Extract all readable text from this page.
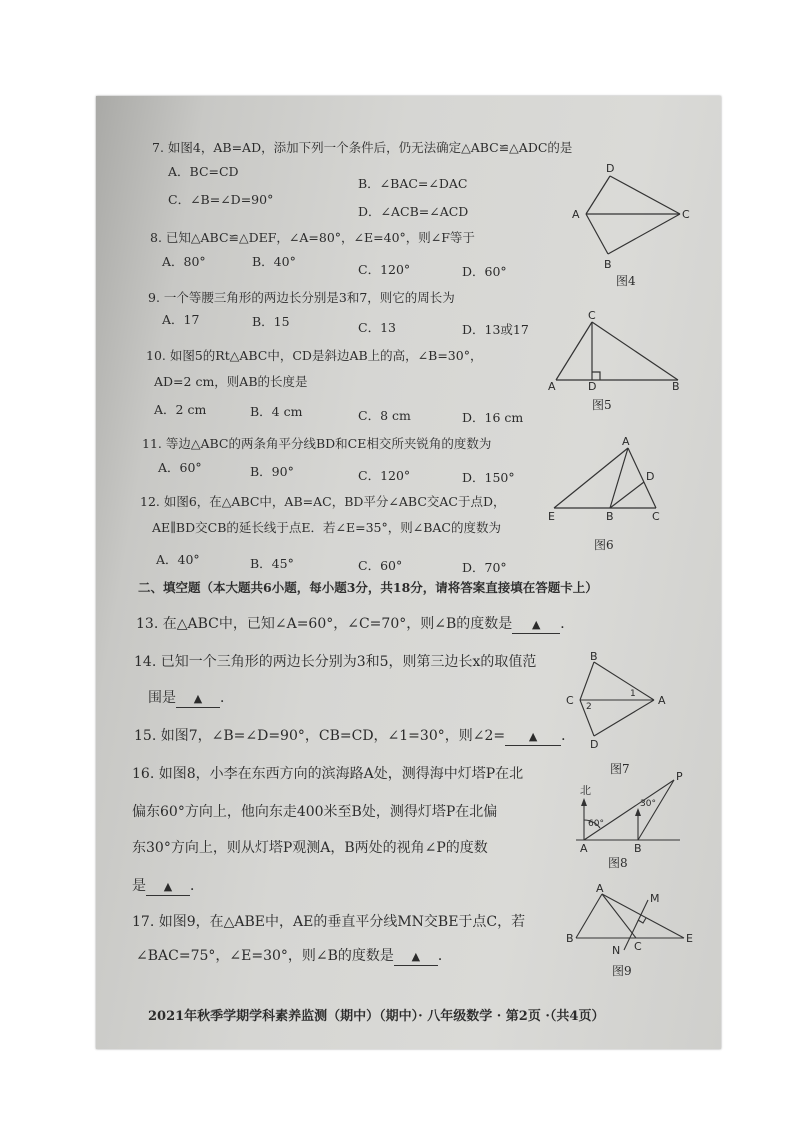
7. 如图4，AB=AD，添加下列一个条件后，仍无法确定△ABC≌△ADC的是
A．BC=CD
B．∠BAC=∠DAC
C．∠B=∠D=90°
D．∠ACB=∠ACD	A
D
C
B
图4
8. 已知△ABC≌△DEF，∠A=80°，∠E=40°，则∠F等于
A．80°	B．40°
C．120°	D．60°
9. 一个等腰三角形的两边长分别是3和7，则它的周长为
A．17	B．15	C．13	D．13或17
A
C
D	B
图5
10. 如图5的Rt△ABC中，CD是斜边AB上的高，∠B=30°，
AD=2 cm，则AB的长度是
A．2 cm	B．4 cm	C．8 cm	D．16 cm
11. 等边△ABC的两条角平分线BD和CE相交所夹锐角的度数为
A．60°	B．90°	C．120°	D．150°
A
D
E	B	C
图6
12. 如图6，在△ABC中，AB=AC，BD平分∠ABC交AC于点D，
AE∥BD交CB的延长线于点E．若∠E=35°，则∠BAC的度数为
A．40°	B．45°	C．60°	D．70°
二、填空题（本大题共6小题，每小题3分，共18分，请将答案直接填在答题卡上）
13. 在△ABC中，已知∠A=60°，∠C=70°，则∠B的度数是 ▲ ．
14. 已知一个三角形的两边长分别为3和5，则第三边长x的取值范
围是 ▲ ．
B
C	A
D
1
2
图7
15. 如图7，∠B=∠D=90°，CB=CD，∠1=30°，则∠2= ▲ ．
16. 如图8，小李在东西方向的滨海路A处，测得海中灯塔P在北
偏东60°方向上，他向东走400米至B处，测得灯塔P在北偏
东30°方向上，则从灯塔P观测A，B两处的视角∠P的度数
是 ▲ ．
北
P
A	B
60°
30°
图8
17. 如图9，在△ABE中，AE的垂直平分线MN交BE于点C，若
∠BAC=75°，∠E=30°，则∠B的度数是 ▲ ．
A
B	E
M
N C
图9
2021年秋季学期学科素养监测（期中）（期中）· 八年级数学 · 第2页 ·（共4页）
